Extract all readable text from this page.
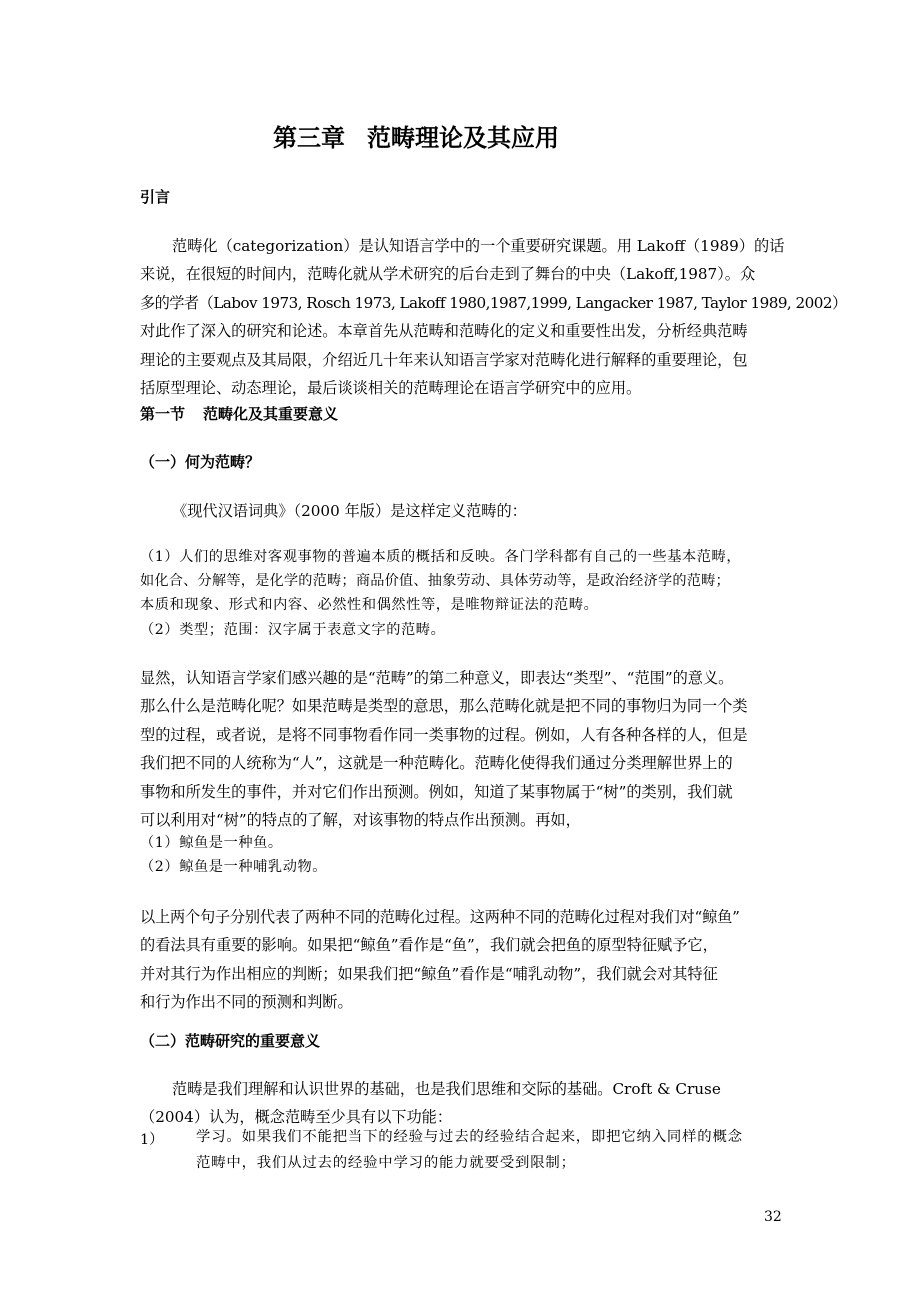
第三章 范畴理论及其应用
引言
范畴化（categorization）是认知语言学中的一个重要研究课题。用 Lakoff（1989）的话
来说，在很短的时间内，范畴化就从学术研究的后台走到了舞台的中央（Lakoff,1987）。众
多的学者（Labov 1973, Rosch 1973, Lakoff 1980,1987,1999, Langacker 1987, Taylor 1989, 2002）
对此作了深入的研究和论述。本章首先从范畴和范畴化的定义和重要性出发，分析经典范畴
理论的主要观点及其局限，介绍近几十年来认知语言学家对范畴化进行解释的重要理论，包
括原型理论、动态理论，最后谈谈相关的范畴理论在语言学研究中的应用。
第一节 范畴化及其重要意义
（一）何为范畴？
《现代汉语词典》（2000 年版）是这样定义范畴的：
（1）人们的思维对客观事物的普遍本质的概括和反映。各门学科都有自己的一些基本范畴，
如化合、分解等，是化学的范畴；商品价值、抽象劳动、具体劳动等，是政治经济学的范畴；
本质和现象、形式和内容、必然性和偶然性等，是唯物辩证法的范畴。
（2）类型；范围：汉字属于表意文字的范畴。
显然，认知语言学家们感兴趣的是“范畴”的第二种意义，即表达“类型”、“范围”的意义。
那么什么是范畴化呢？如果范畴是类型的意思，那么范畴化就是把不同的事物归为同一个类
型的过程，或者说，是将不同事物看作同一类事物的过程。例如，人有各种各样的人，但是
我们把不同的人统称为“人”，这就是一种范畴化。范畴化使得我们通过分类理解世界上的
事物和所发生的事件，并对它们作出预测。例如，知道了某事物属于“树”的类别，我们就
可以利用对“树”的特点的了解，对该事物的特点作出预测。再如，
（1）鲸鱼是一种鱼。
（2）鲸鱼是一种哺乳动物。
以上两个句子分别代表了两种不同的范畴化过程。这两种不同的范畴化过程对我们对“鲸鱼”
的看法具有重要的影响。如果把“鲸鱼”看作是“鱼”，我们就会把鱼的原型特征赋予它，
并对其行为作出相应的判断；如果我们把“鲸鱼”看作是“哺乳动物”，我们就会对其特征
和行为作出不同的预测和判断。
（二）范畴研究的重要意义
范畴是我们理解和认识世界的基础，也是我们思维和交际的基础。Croft & Cruse
（2004）认为，概念范畴至少具有以下功能：
1） 学习。如果我们不能把当下的经验与过去的经验结合起来，即把它纳入同样的概念
范畴中，我们从过去的经验中学习的能力就要受到限制；
32
